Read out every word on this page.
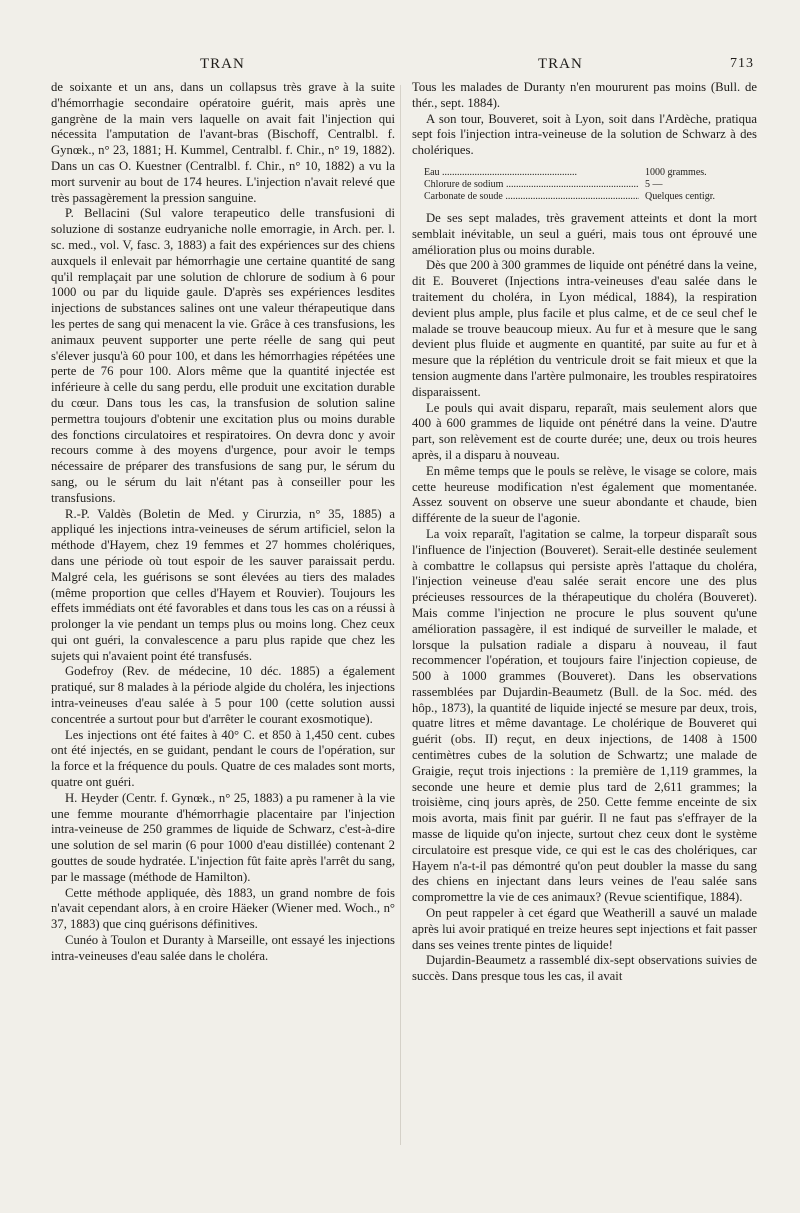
TRAN	TRAN	713

de soixante et un ans, dans un collapsus très grave à la suite d'hémorrhagie secondaire opératoire guérit, mais après une gangrène de la main vers laquelle on avait fait l'injection qui nécessita l'amputation de l'avant-bras (Bischoff, Centralbl. f. Gynœk., n° 23, 1881; H. Kummel, Centralbl. f. Chir., n° 19, 1882). Dans un cas O. Kuestner (Centralbl. f. Chir., n° 10, 1882) a vu la mort survenir au bout de 174 heures. L'injection n'avait relevé que très passagèrement la pression sanguine.

P. Bellacini (Sul valore terapeutico delle transfusioni di soluzione di sostanze eudryaniche nolle emorragie, in Arch. per. l. sc. med., vol. V, fasc. 3, 1883) a fait des expériences sur des chiens auxquels il enlevait par hémorrhagie une certaine quantité de sang qu'il remplaçait par une solution de chlorure de sodium à 6 pour 1000 ou par du liquide gaule. D'après ses expériences lesdites injections de substances salines ont une valeur thérapeutique dans les pertes de sang qui menacent la vie. Grâce à ces transfusions, les animaux peuvent supporter une perte réelle de sang qui peut s'élever jusqu'à 60 pour 100, et dans les hémorrhagies répétées une perte de 76 pour 100. Alors même que la quantité injectée est inférieure à celle du sang perdu, elle produit une excitation durable du cœur. Dans tous les cas, la transfusion de solution saline permettra toujours d'obtenir une excitation plus ou moins durable des fonctions circulatoires et respiratoires. On devra donc y avoir recours comme à des moyens d'urgence, pour avoir le temps nécessaire de préparer des transfusions de sang pur, le sérum du sang, ou le sérum du lait n'étant pas à conseiller pour les transfusions.

R.-P. Valdès (Boletin de Med. y Cirurzia, n° 35, 1885) a appliqué les injections intra-veineuses de sérum artificiel, selon la méthode d'Hayem, chez 19 femmes et 27 hommes cholériques, dans une période où tout espoir de les sauver paraissait perdu. Malgré cela, les guérisons se sont élevées au tiers des malades (même proportion que celles d'Hayem et Rouvier). Toujours les effets immédiats ont été favorables et dans tous les cas on a réussi à prolonger la vie pendant un temps plus ou moins long. Chez ceux qui ont guéri, la convalescence a paru plus rapide que chez les sujets qui n'avaient point été transfusés.

Godefroy (Rev. de médecine, 10 déc. 1885) a également pratiqué, sur 8 malades à la période algide du choléra, les injections intra-veineuses d'eau salée à 5 pour 100 (cette solution aussi concentrée a surtout pour but d'arrêter le courant exosmotique).

Les injections ont été faites à 40° C. et 850 à 1,450 cent. cubes ont été injectés, en se guidant, pendant le cours de l'opération, sur la force et la fréquence du pouls. Quatre de ces malades sont morts, quatre ont guéri.

H. Heyder (Centr. f. Gynœk., n° 25, 1883) a pu ramener à la vie une femme mourante d'hémorrhagie placentaire par l'injection intra-veineuse de 250 grammes de liquide de Schwarz, c'est-à-dire une solution de sel marin (6 pour 1000 d'eau distillée) contenant 2 gouttes de soude hydratée. L'injection fût faite après l'arrêt du sang, par le massage (méthode de Hamilton).

Cette méthode appliquée, dès 1883, un grand nombre de fois n'avait cependant alors, à en croire Häeker (Wiener med. Woch., n° 37, 1883) que cinq guérisons définitives.

Cunéo à Toulon et Duranty à Marseille, ont essayé les injections intra-veineuses d'eau salée dans le choléra.

Tous les malades de Duranty n'en moururent pas moins (Bull. de thér., sept. 1884).

A son tour, Bouveret, soit à Lyon, soit dans l'Ardèche, pratiqua sept fois l'injection intra-veineuse de la solution de Schwarz à des cholériques.

Eau .....	1000 grammes.
Chlorure de sodium .....	5 —
Carbonate de soude .....	Quelques centigr.

De ses sept malades, très gravement atteints et dont la mort semblait inévitable, un seul a guéri, mais tous ont éprouvé une amélioration plus ou moins durable.

Dès que 200 à 300 grammes de liquide ont pénétré dans la veine, dit E. Bouveret (Injections intra-veineuses d'eau salée dans le traitement du choléra, in Lyon médical, 1884), la respiration devient plus ample, plus facile et plus calme, et de ce seul chef le malade se trouve beaucoup mieux. Au fur et à mesure que le sang devient plus fluide et augmente en quantité, par suite au fur et à mesure que la réplétion du ventricule droit se fait mieux et que la tension augmente dans l'artère pulmonaire, les troubles respiratoires disparaissent.

Le pouls qui avait disparu, reparaît, mais seulement alors que 400 à 600 grammes de liquide ont pénétré dans la veine. D'autre part, son relèvement est de courte durée; une, deux ou trois heures après, il a disparu à nouveau.

En même temps que le pouls se relève, le visage se colore, mais cette heureuse modification n'est également que momentanée. Assez souvent on observe une sueur abondante et chaude, bien différente de la sueur de l'agonie.

La voix reparaît, l'agitation se calme, la torpeur disparaît sous l'influence de l'injection (Bouveret). Serait-elle destinée seulement à combattre le collapsus qui persiste après l'attaque du choléra, l'injection veineuse d'eau salée serait encore une des plus précieuses ressources de la thérapeutique du choléra (Bouveret). Mais comme l'injection ne procure le plus souvent qu'une amélioration passagère, il est indiqué de surveiller le malade, et lorsque la pulsation radiale a disparu à nouveau, il faut recommencer l'opération, et toujours faire l'injection copieuse, de 500 à 1000 grammes (Bouveret). Dans les observations rassemblées par Dujardin-Beaumetz (Bull. de la Soc. méd. des hôp., 1873), la quantité de liquide injecté se mesure par deux, trois, quatre litres et même davantage. Le cholérique de Bouveret qui guérit (obs. II) reçut, en deux injections, de 1408 à 1500 centimètres cubes de la solution de Schwartz; une malade de Graigie, reçut trois injections : la première de 1,119 grammes, la seconde une heure et demie plus tard de 2,611 grammes; la troisième, cinq jours après, de 250. Cette femme enceinte de six mois avorta, mais finit par guérir. Il ne faut pas s'effrayer de la masse de liquide qu'on injecte, surtout chez ceux dont le système circulatoire est presque vide, ce qui est le cas des cholériques, car Hayem n'a-t-il pas démontré qu'on peut doubler la masse du sang des chiens en injectant dans leurs veines de l'eau salée sans compromettre la vie de ces animaux? (Revue scientifique, 1884).

On peut rappeler à cet égard que Weatherill a sauvé un malade après lui avoir pratiqué en treize heures sept injections et fait passer dans ses veines trente pintes de liquide!

Dujardin-Beaumetz a rassemblé dix-sept observations suivies de succès. Dans presque tous les cas, il avait
